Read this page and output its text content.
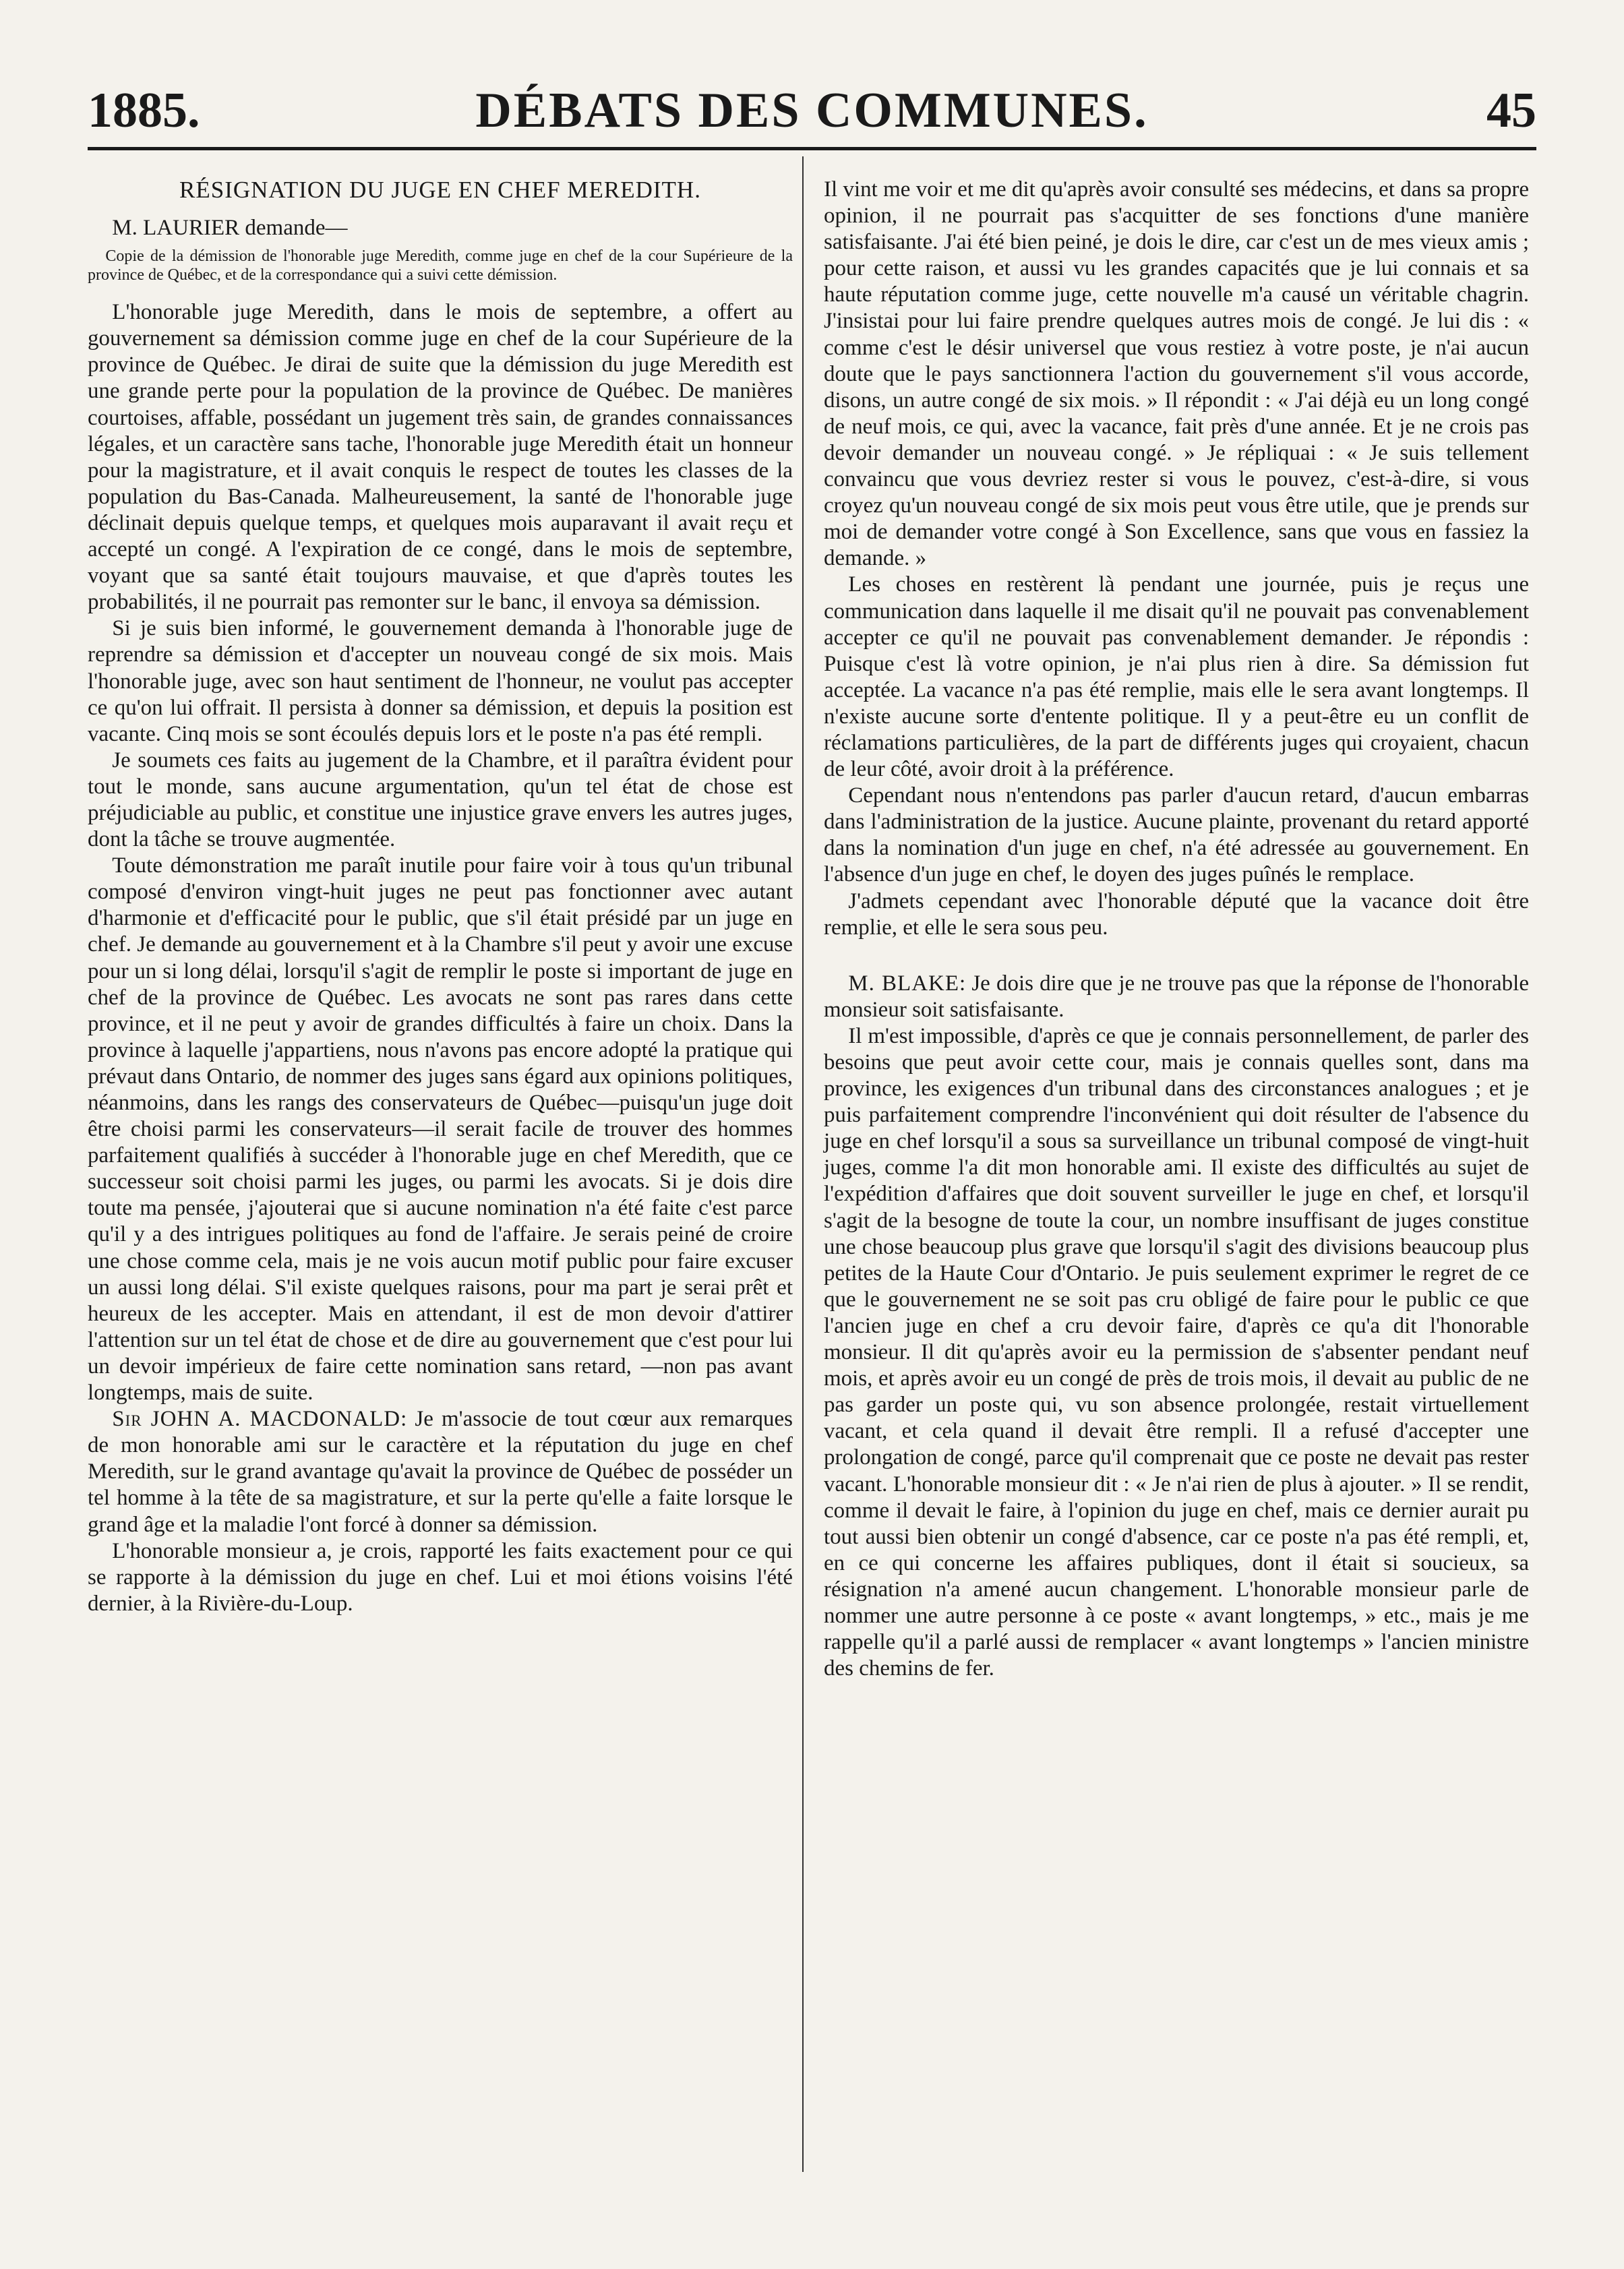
1885.	DÉBATS DES COMMUNES.	45
RÉSIGNATION DU JUGE EN CHEF MEREDITH.

M. LAURIER demande—

Copie de la démission de l'honorable juge Meredith, comme juge en chef de la cour Supérieure de la province de Québec, et de la correspondance qui a suivi cette démission.

L'honorable juge Meredith, dans le mois de septembre, a offert au gouvernement sa démission comme juge en chef de la cour Supérieure de la province de Québec. Je dirai de suite que la démission du juge Meredith est une grande perte pour la population de la province de Québec. De manières courtoises, affable, possédant un jugement très sain, de grandes connaissances légales, et un caractère sans tache, l'honorable juge Meredith était un honneur pour la magistrature, et il avait conquis le respect de toutes les classes de la population du Bas-Canada. Malheureusement, la santé de l'honorable juge déclinait depuis quelque temps, et quelques mois auparavant il avait reçu et accepté un congé. A l'expiration de ce congé, dans le mois de septembre, voyant que sa santé était toujours mauvaise, et que d'après toutes les probabilités, il ne pourrait pas remonter sur le banc, il envoya sa démission.

Si je suis bien informé, le gouvernement demanda à l'honorable juge de reprendre sa démission et d'accepter un nouveau congé de six mois. Mais l'honorable juge, avec son haut sentiment de l'honneur, ne voulut pas accepter ce qu'on lui offrait. Il persista à donner sa démission, et depuis la position est vacante. Cinq mois se sont écoulés depuis lors et le poste n'a pas été rempli.

Je soumets ces faits au jugement de la Chambre, et il paraîtra évident pour tout le monde, sans aucune argumentation, qu'un tel état de chose est préjudiciable au public, et constitue une injustice grave envers les autres juges, dont la tâche se trouve augmentée.

Toute démonstration me paraît inutile pour faire voir à tous qu'un tribunal composé d'environ vingt-huit juges ne peut pas fonctionner avec autant d'harmonie et d'efficacité pour le public, que s'il était présidé par un juge en chef. Je demande au gouvernement et à la Chambre s'il peut y avoir une excuse pour un si long délai, lorsqu'il s'agit de remplir le poste si important de juge en chef de la province de Québec. Les avocats ne sont pas rares dans cette province, et il ne peut y avoir de grandes difficultés à faire un choix. Dans la province à laquelle j'appartiens, nous n'avons pas encore adopté la pratique qui prévaut dans Ontario, de nommer des juges sans égard aux opinions politiques, néanmoins, dans les rangs des conservateurs de Québec—puisqu'un juge doit être choisi parmi les conservateurs—il serait facile de trouver des hommes parfaitement qualifiés à succéder à l'honorable juge en chef Meredith, que ce successeur soit choisi parmi les juges, ou parmi les avocats. Si je dois dire toute ma pensée, j'ajouterai que si aucune nomination n'a été faite c'est parce qu'il y a des intrigues politiques au fond de l'affaire. Je serais peiné de croire une chose comme cela, mais je ne vois aucun motif public pour faire excuser un aussi long délai. S'il existe quelques raisons, pour ma part je serai prêt et heureux de les accepter. Mais en attendant, il est de mon devoir d'attirer l'attention sur un tel état de chose et de dire au gouvernement que c'est pour lui un devoir impérieux de faire cette nomination sans retard, —non pas avant longtemps, mais de suite.

Sir JOHN A. MACDONALD: Je m'associe de tout cœur aux remarques de mon honorable ami sur le caractère et la réputation du juge en chef Meredith, sur le grand avantage qu'avait la province de Québec de posséder un tel homme à la tête de sa magistrature, et sur la perte qu'elle a faite lorsque le grand âge et la maladie l'ont forcé à donner sa démission.

L'honorable monsieur a, je crois, rapporté les faits exactement pour ce qui se rapporte à la démission du juge en chef. Lui et moi étions voisins l'été dernier, à la Rivière-du-Loup.

Il vint me voir et me dit qu'après avoir consulté ses médecins, et dans sa propre opinion, il ne pourrait pas s'acquitter de ses fonctions d'une manière satisfaisante. J'ai été bien peiné, je dois le dire, car c'est un de mes vieux amis ; pour cette raison, et aussi vu les grandes capacités que je lui connais et sa haute réputation comme juge, cette nouvelle m'a causé un véritable chagrin. J'insistai pour lui faire prendre quelques autres mois de congé. Je lui dis : « comme c'est le désir universel que vous restiez à votre poste, je n'ai aucun doute que le pays sanctionnera l'action du gouvernement s'il vous accorde, disons, un autre congé de six mois. » Il répondit : « J'ai déjà eu un long congé de neuf mois, ce qui, avec la vacance, fait près d'une année. Et je ne crois pas devoir demander un nouveau congé. » Je répliquai : « Je suis tellement convaincu que vous devriez rester si vous le pouvez, c'est-à-dire, si vous croyez qu'un nouveau congé de six mois peut vous être utile, que je prends sur moi de demander votre congé à Son Excellence, sans que vous en fassiez la demande. »

Les choses en restèrent là pendant une journée, puis je reçus une communication dans laquelle il me disait qu'il ne pouvait pas convenablement accepter ce qu'il ne pouvait pas convenablement demander. Je répondis : Puisque c'est là votre opinion, je n'ai plus rien à dire. Sa démission fut acceptée. La vacance n'a pas été remplie, mais elle le sera avant longtemps. Il n'existe aucune sorte d'entente politique. Il y a peut-être eu un conflit de réclamations particulières, de la part de différents juges qui croyaient, chacun de leur côté, avoir droit à la préférence.

Cependant nous n'entendons pas parler d'aucun retard, d'aucun embarras dans l'administration de la justice. Aucune plainte, provenant du retard apporté dans la nomination d'un juge en chef, n'a été adressée au gouvernement. En l'absence d'un juge en chef, le doyen des juges puînés le remplace.

J'admets cependant avec l'honorable député que la vacance doit être remplie, et elle le sera sous peu.

M. BLAKE: Je dois dire que je ne trouve pas que la réponse de l'honorable monsieur soit satisfaisante.

Il m'est impossible, d'après ce que je connais personnellement, de parler des besoins que peut avoir cette cour, mais je connais quelles sont, dans ma province, les exigences d'un tribunal dans des circonstances analogues ; et je puis parfaitement comprendre l'inconvénient qui doit résulter de l'absence du juge en chef lorsqu'il a sous sa surveillance un tribunal composé de vingt-huit juges, comme l'a dit mon honorable ami. Il existe des difficultés au sujet de l'expédition d'affaires que doit souvent surveiller le juge en chef, et lorsqu'il s'agit de la besogne de toute la cour, un nombre insuffisant de juges constitue une chose beaucoup plus grave que lorsqu'il s'agit des divisions beaucoup plus petites de la Haute Cour d'Ontario. Je puis seulement exprimer le regret de ce que le gouvernement ne se soit pas cru obligé de faire pour le public ce que l'ancien juge en chef a cru devoir faire, d'après ce qu'a dit l'honorable monsieur. Il dit qu'après avoir eu la permission de s'absenter pendant neuf mois, et après avoir eu un congé de près de trois mois, il devait au public de ne pas garder un poste qui, vu son absence prolongée, restait virtuellement vacant, et cela quand il devait être rempli. Il a refusé d'accepter une prolongation de congé, parce qu'il comprenait que ce poste ne devait pas rester vacant. L'honorable monsieur dit : « Je n'ai rien de plus à ajouter. » Il se rendit, comme il devait le faire, à l'opinion du juge en chef, mais ce dernier aurait pu tout aussi bien obtenir un congé d'absence, car ce poste n'a pas été rempli, et, en ce qui concerne les affaires publiques, dont il était si soucieux, sa résignation n'a amené aucun changement. L'honorable monsieur parle de nommer une autre personne à ce poste « avant longtemps, » etc., mais je me rappelle qu'il a parlé aussi de remplacer « avant longtemps » l'ancien ministre des chemins de fer.
